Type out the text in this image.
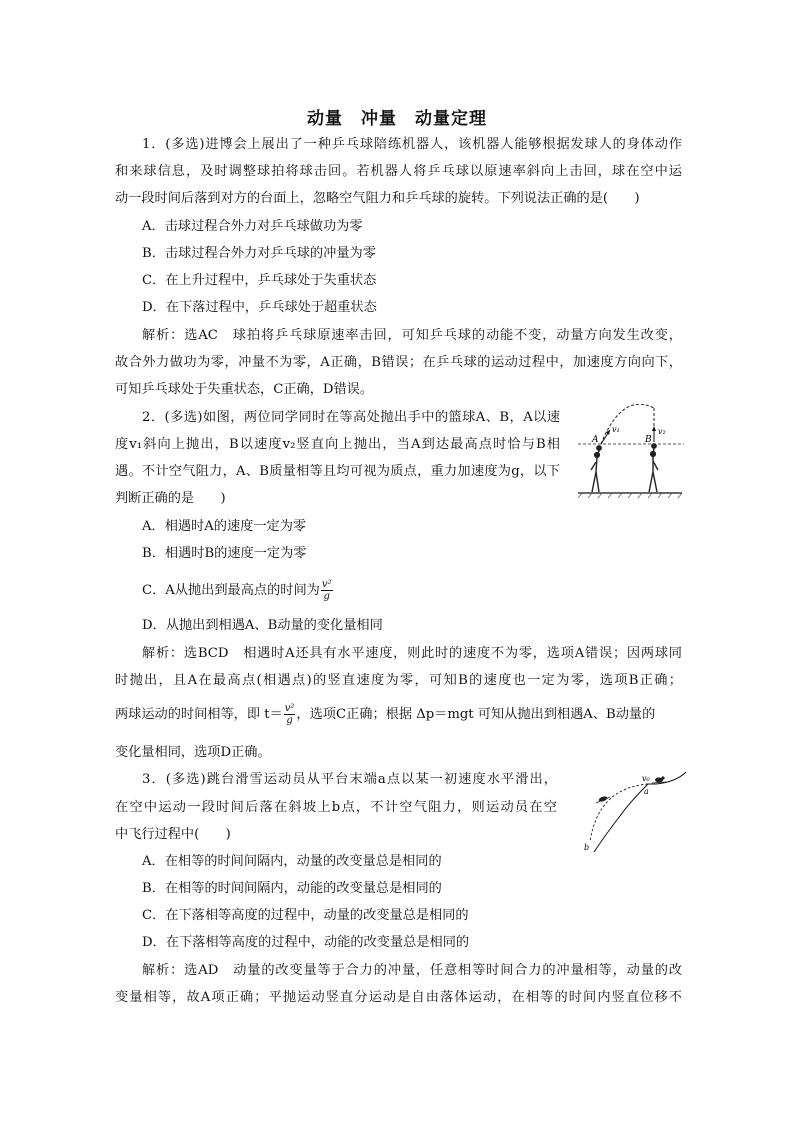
动量　冲量　动量定理
1．(多选)进博会上展出了一种乒乓球陪练机器人，该机器人能够根据发球人的身体动作
和来球信息，及时调整球拍将球击回。若机器人将乒乓球以原速率斜向上击回，球在空中运
动一段时间后落到对方的台面上，忽略空气阻力和乒乓球的旋转。下列说法正确的是(　　)
A．击球过程合外力对乒乓球做功为零
B．击球过程合外力对乒乓球的冲量为零
C．在上升过程中，乒乓球处于失重状态
D．在下落过程中，乒乓球处于超重状态
解析：选AC　球拍将乒乓球原速率击回，可知乒乓球的动能不变，动量方向发生改变，
故合外力做功为零，冲量不为零，A正确，B错误；在乒乓球的运动过程中，加速度方向向下，
可知乒乓球处于失重状态，C正确，D错误。
2．(多选)如图，两位同学同时在等高处抛出手中的篮球A、B，A以速
度v₁斜向上抛出，B以速度v₂竖直向上抛出，当A到达最高点时恰与B相
遇。不计空气阻力，A、B质量相等且均可视为质点，重力加速度为g，以下
判断正确的是　　)
A
v₁
B
v₂
A．相遇时A的速度一定为零
B．相遇时B的速度一定为零
C．A从抛出到最高点的时间为 $\frac{\text{v²}}{g}$
D．从抛出到相遇A、B动量的变化量相同
解析：选BCD　相遇时A还具有水平速度，则此时的速度不为零，选项A错误；因两球同
时抛出，且A在最高点(相遇点)的竖直速度为零，可知B的速度也一定为零，选项B正确；
两球运动的时间相等，即 $t= \frac{\text{v²}}{g}$ ，选项C正确；根据 Δp＝mgt 可知从抛出到相遇A、B动量的
变化量相同，选项D正确。
3．(多选)跳台滑雪运动员从平台末端a点以某一初速度水平滑出，
在空中运动一段时间后落在斜坡上b点，不计空气阻力，则运动员在空
中飞行过程中(　　)
v₀
a
b
A．在相等的时间间隔内，动量的改变量总是相同的
B．在相等的时间间隔内，动能的改变量总是相同的
C．在下落相等高度的过程中，动量的改变量总是相同的
D．在下落相等高度的过程中，动能的改变量总是相同的
解析：选AD　动量的改变量等于合力的冲量，任意相等时间合力的冲量相等，动量的改
变量相等，故A项正确；平抛运动竖直分运动是自由落体运动，在相等的时间内竖直位移不
